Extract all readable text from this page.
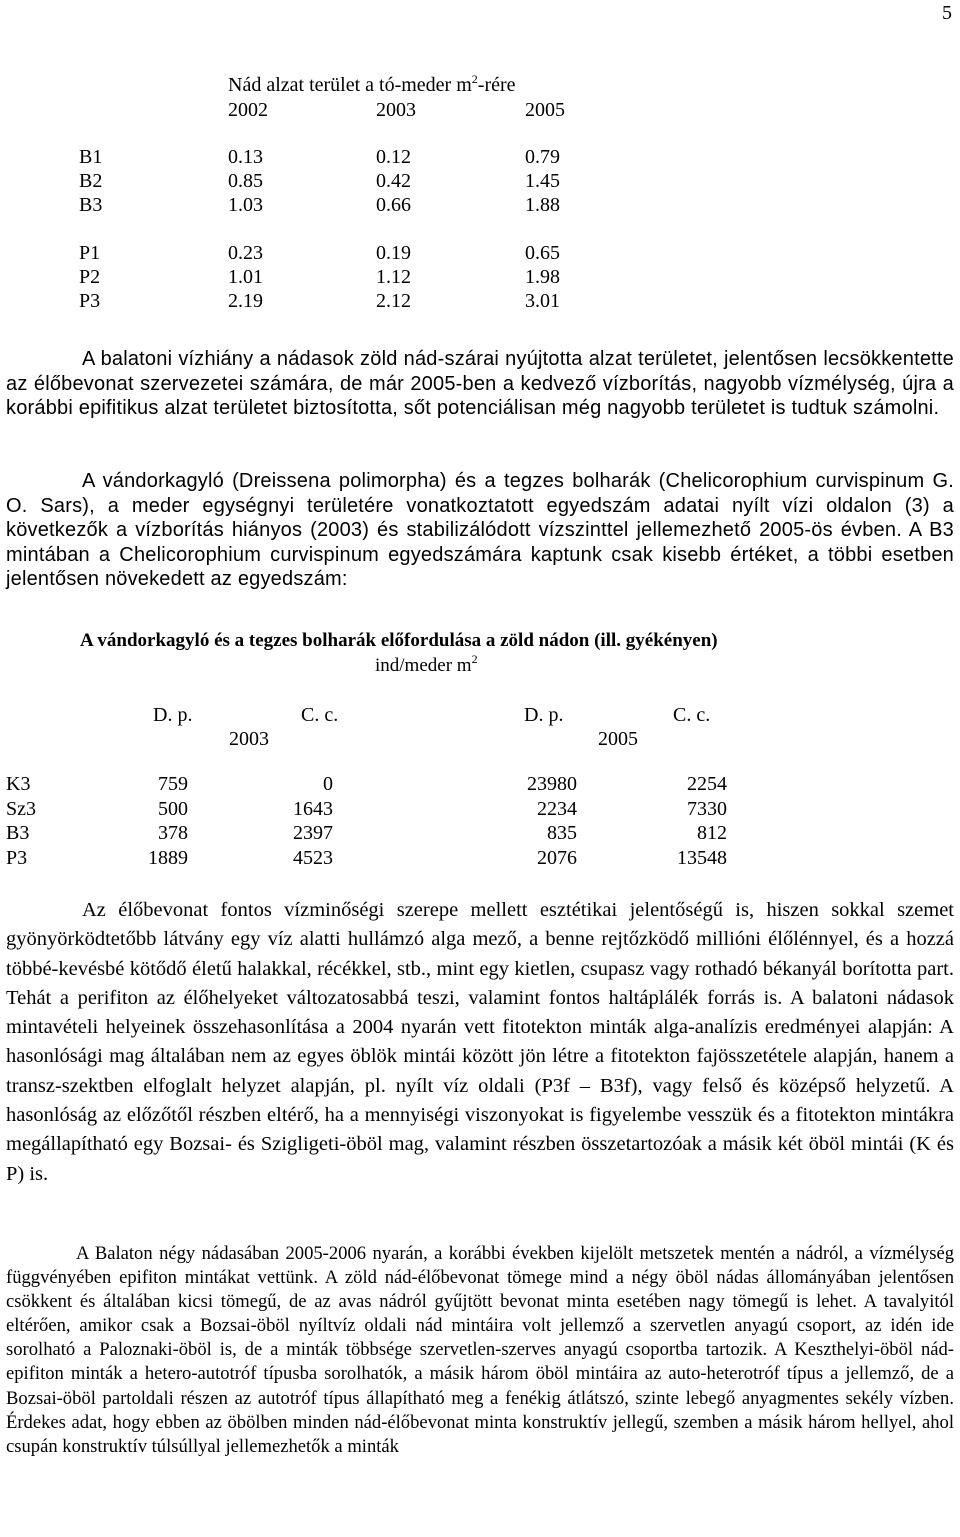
5
Nád alzat terület a tó-meder $m^2$-rére
2002	2003	2005
B1	0.13	0.12	0.79
B2	0.85	0.42	1.45
B3	1.03	0.66	1.88
P1	0.23	0.19	0.65
P2	1.01	1.12	1.98
P3	2.19	2.12	3.01
A balatoni vízhiány a nádasok zöld nád-szárai nyújtotta alzat területet, jelentősen lecsökkentette az élőbevonat szervezetei számára, de már 2005-ben a kedvező vízborítás, nagyobb vízmélység, újra a korábbi epifitikus alzat területet biztosította, sőt potenciálisan még nagyobb területet is tudtuk számolni.
A vándorkagyló (Dreissena polimorpha) és a tegzes bolharák (Chelicorophium curvispinum G. O. Sars), a meder egységnyi területére vonatkoztatott egyedszám adatai nyílt vízi oldalon (3) a következők a vízborítás hiányos (2003) és stabilizálódott vízszinttel jellemezhető 2005-ös évben. A B3 mintában a Chelicorophium curvispinum egyedszámára kaptunk csak kisebb értéket, a többi esetben jelentősen növekedett az egyedszám:
A vándorkagyló és a tegzes bolharák előfordulása a zöld nádon (ill. gyékényen)
ind/meder $m^2$
D. p.	C. c.	D. p.	C. c.
2003	2005
K3	759	0	23980	2254
Sz3	500	1643	2234	7330
B3	378	2397	835	812
P3	1889	4523	2076	13548
Az élőbevonat fontos vízminőségi szerepe mellett esztétikai jelentőségű is, hiszen sokkal szemet gyönyörködtetőbb látvány egy víz alatti hullámzó alga mező, a benne rejtőzködő millióni élőlénnyel, és a hozzá többé-kevésbé kötődő életű halakkal, récékkel, stb., mint egy kietlen, csupasz vagy rothadó békanyál borította part. Tehát a perifiton az élőhelyeket változatosabbá teszi, valamint fontos haltáplálék forrás is. A balatoni nádasok mintavételi helyeinek összehasonlítása a 2004 nyarán vett fitotekton minták alga-analízis eredményei alapján: A hasonlósági mag általában nem az egyes öblök mintái között jön létre a fitotekton fajösszetétele alapján, hanem a transz-szektben elfoglalt helyzet alapján, pl. nyílt víz oldali (P3f – B3f), vagy felső és középső helyzetű. A hasonlóság az előzőtől részben eltérő, ha a mennyiségi viszonyokat is figyelembe vesszük és a fitotekton mintákra megállapítható egy Bozsai- és Szigligeti-öböl mag, valamint részben összetartozóak a másik két öböl mintái (K és P) is.
A Balaton négy nádasában 2005-2006 nyarán, a korábbi években kijelölt metszetek mentén a nádról, a vízmélység függvényében epifiton mintákat vettünk. A zöld nád-élőbevonat tömege mind a négy öböl nádas állományában jelentősen csökkent és általában kicsi tömegű, de az avas nádról gyűjtött bevonat minta esetében nagy tömegű is lehet. A tavalyitól eltérően, amikor csak a Bozsai-öböl nyíltvíz oldali nád mintáira volt jellemző a szervetlen anyagú csoport, az idén ide sorolható a Paloznaki-öböl is, de a minták többsége szervetlen-szerves anyagú csoportba tartozik. A Keszthelyi-öböl nád-epifiton minták a hetero-autotróf típusba sorolhatók, a másik három öböl mintáira az auto-heterotróf típus a jellemző, de a Bozsai-öböl partoldali részen az autotróf típus állapítható meg a fenékig átlátszó, szinte lebegő anyagmentes sekély vízben. Érdekes adat, hogy ebben az öbölben minden nád-élőbevonat minta konstruktív jellegű, szemben a másik három hellyel, ahol csupán konstruktív túlsúllyal jellemezhetők a minták
